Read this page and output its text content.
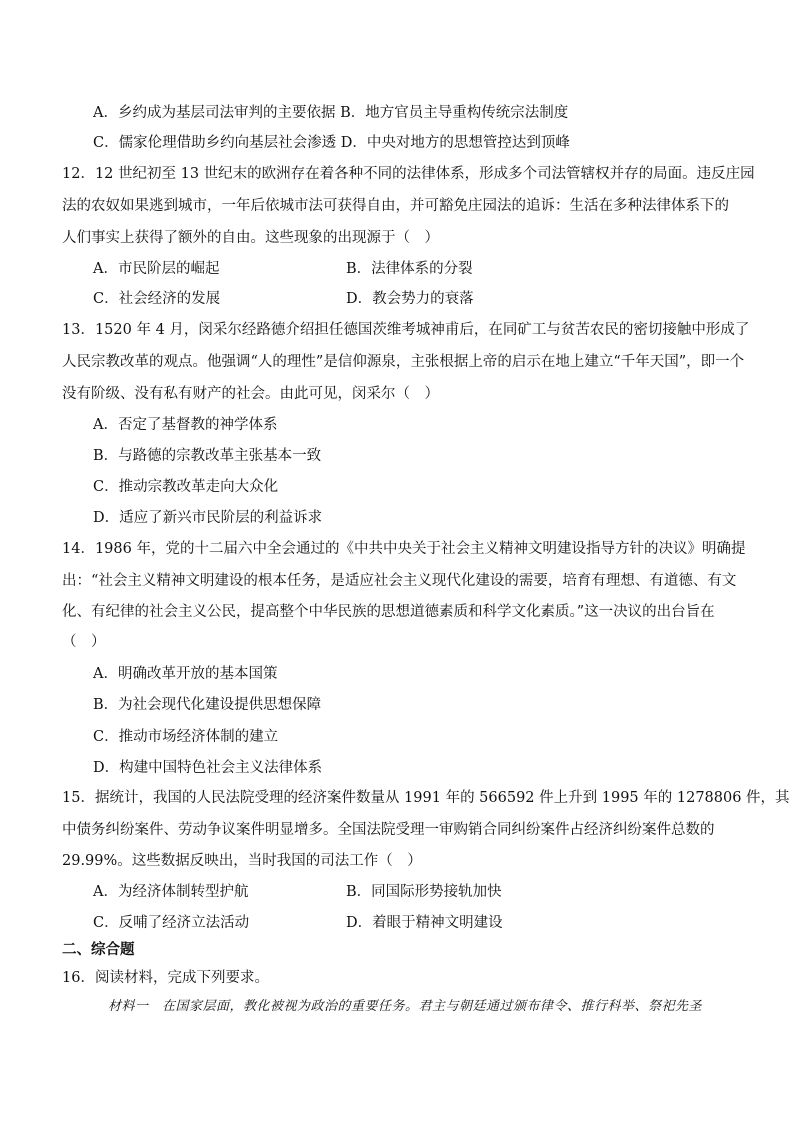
A．乡约成为基层司法审判的主要依据 B．地方官员主导重构传统宗法制度
C．儒家伦理借助乡约向基层社会渗透 D．中央对地方的思想管控达到顶峰
12．12 世纪初至 13 世纪末的欧洲存在着各种不同的法律体系，形成多个司法管辖权并存的局面。违反庄园
法的农奴如果逃到城市，一年后依城市法可获得自由，并可豁免庄园法的追诉：生活在多种法律体系下的
人们事实上获得了额外的自由。这些现象的出现源于（　）
A．市民阶层的崛起	B．法律体系的分裂
C．社会经济的发展	D．教会势力的衰落
13．1520 年 4 月，闵采尔经路德介绍担任德国茨维考城神甫后，在同矿工与贫苦农民的密切接触中形成了
人民宗教改革的观点。他强调“人的理性”是信仰源泉，主张根据上帝的启示在地上建立“千年天国”，即一个
没有阶级、没有私有财产的社会。由此可见，闵采尔（　）
A．否定了基督教的神学体系
B．与路德的宗教改革主张基本一致
C．推动宗教改革走向大众化
D．适应了新兴市民阶层的利益诉求
14．1986 年，党的十二届六中全会通过的《中共中央关于社会主义精神文明建设指导方针的决议》明确提
出：“社会主义精神文明建设的根本任务，是适应社会主义现代化建设的需要，培育有理想、有道德、有文
化、有纪律的社会主义公民，提高整个中华民族的思想道德素质和科学文化素质。”这一决议的出台旨在
（　）
A．明确改革开放的基本国策
B．为社会现代化建设提供思想保障
C．推动市场经济体制的建立
D．构建中国特色社会主义法律体系
15．据统计，我国的人民法院受理的经济案件数量从 1991 年的 566592 件上升到 1995 年的 1278806 件，其
中债务纠纷案件、劳动争议案件明显增多。全国法院受理一审购销合同纠纷案件占经济纠纷案件总数的
29.99%。这些数据反映出，当时我国的司法工作（　）
A．为经济体制转型护航	B．同国际形势接轨加快
C．反哺了经济立法活动	D．着眼于精神文明建设
二、综合题
16．阅读材料，完成下列要求。
材料一　在国家层面，教化被视为政治的重要任务。君主与朝廷通过颁布律令、推行科举、祭祀先圣
